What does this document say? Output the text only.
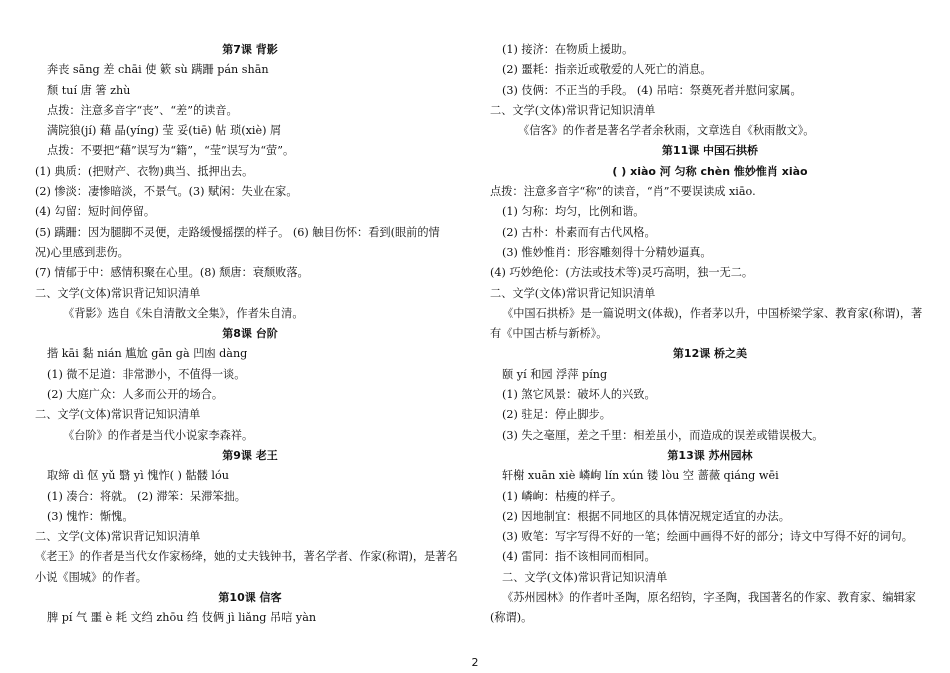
第7课 背影
奔丧 sāng 差 chāi 使 簌 sù 蹒跚 pán shān
颓 tuí 唐 箸 zhù
点拨：注意多音字“丧”、“差”的读音。
满院狼(jí) 藉 晶(yíng) 莹 妥(tiē) 帖 琐(xiè) 屑
点拨：不要把“藉”误写为“籍”，“莹”误写为“萤”。
(1) 典质：(把财产、衣物)典当、抵押出去。
(2) 惨淡：凄惨暗淡，不景气。(3) 赋闲：失业在家。
(4) 勾留：短时间停留。
(5) 蹒跚：因为腿脚不灵便，走路缓慢摇摆的样子。 (6) 触目伤怀：看到(眼前的情
况)心里感到悲伤。
(7) 情郁于中：感情积聚在心里。(8) 颓唐：衰颓败落。
二、文学(文体)常识背记知识清单
《背影》选自《朱自清散文全集》，作者朱自清。
第8课 台阶
揩 kāi 黏 nián 尴尬 gān gà 凹凼 dàng
(1) 微不足道：非常渺小，不值得一谈。
(2) 大庭广众：人多而公开的场合。
二、文学(文体)常识背记知识清单
《台阶》的作者是当代小说家李森祥。
第9课 老王
取缔 dì 伛 yǔ 翳 yì 愧怍( ) 骷髅 lóu
(1) 凑合：将就。 (2) 滞笨：呆滞笨拙。
(3) 愧怍：惭愧。
二、文学(文体)常识背记知识清单
《老王》的作者是当代女作家杨绛，她的丈夫钱钟书，著名学者、作家(称谓)，是著名
小说《围城》的作者。
第10课 信客
脾 pí 气 噩 è 耗 文绉 zhōu 绉 伎俩 jì liǎng 吊唁 yàn
(1) 接济：在物质上援助。
(2) 噩耗：指亲近或敬爱的人死亡的消息。
(3) 伎俩：不正当的手段。 (4) 吊唁：祭奠死者并慰问家属。
二、文学(文体)常识背记知识清单
《信客》的作者是著名学者余秋雨，文章选自《秋雨散文》。
第11课 中国石拱桥
( ) xiào 河 匀称 chèn 惟妙惟肖 xiào
点拨：注意多音字“称”的读音，“肖”不要误读成 xiāo.
(1) 匀称：均匀，比例和谐。
(2) 古朴：朴素而有古代风格。
(3) 惟妙惟肖：形容雕刻得十分精妙逼真。
(4) 巧妙绝伦：(方法或技术等)灵巧高明，独一无二。
二、文学(文体)常识背记知识清单
《中国石拱桥》是一篇说明文(体裁)，作者茅以升，中国桥梁学家、教育家(称谓)，著
有《中国古桥与新桥》。
第12课 桥之美
颐 yí 和园 浮萍 píng
(1) 煞它风景：破坏人的兴致。
(2) 驻足：停止脚步。
(3) 失之毫厘，差之千里：相差虽小，而造成的误差或错误极大。
第13课 苏州园林
轩榭 xuān xiè 嶙峋 lín xún 镂 lòu 空 蔷薇 qiáng wēi
(1) 嶙峋：枯瘦的样子。
(2) 因地制宜：根据不同地区的具体情况规定适宜的办法。
(3) 败笔：写字写得不好的一笔；绘画中画得不好的部分；诗文中写得不好的词句。
(4) 雷同：指不该相同而相同。
二、文学(文体)常识背记知识清单
《苏州园林》的作者叶圣陶，原名绍钧，字圣陶，我国著名的作家、教育家、编辑家
(称谓)。
2
